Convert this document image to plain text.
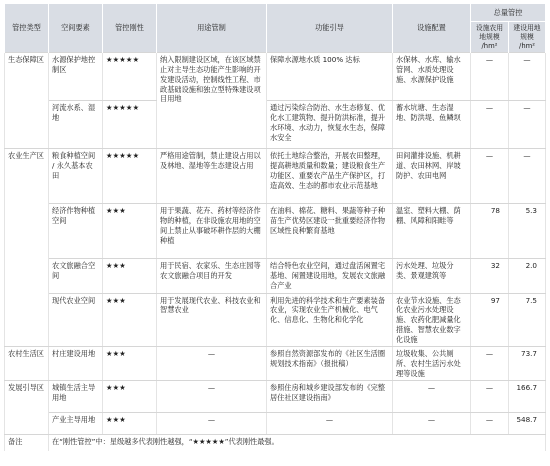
管控类型	空间要素	管控刚性	用途管制	功能引导	设施配置	总量管控	
						设施农用地规模 /hm²	建设用地规模 /hm²
生态保障区	水源保护地控制区	★★★★★	纳入限制建设区域，在该区域禁止对主导生态功能产生影响的开发建设活动，控制线性工程、市政基础设施和独立型特殊建设项目用地	保障水源地水质 100% 达标	水保林、水库、输水管网、水质处理设施、水源保护设施	—	—
	河流水系、湿地	★★★★★		通过污染综合防治、水生态修复、优化水工建筑物、提升防洪标准，提升水环境、水动力，恢复水生态，保障水安全	蓄水坑塘、生态湿地、防洪堤、鱼鳞坝	—	—
农业生产区	粮食种植空间 / 永久基本农田	★★★★★	严格用途管制，禁止建设占用以及林地、湿地等生态建设占用	依托土地综合整治，开展农田整理，提高耕地质量和数量；建设粮食生产功能区、重要农产品生产保护区，打造高效、生态的都市农业示范基地	田间灌排设施、机耕道、农田林网、岸坡防护、农田电网	—	—
	经济作物种植空间	★★★	用于果蔬、花卉、药材等经济作物的种植，在非设施农用地的空间上禁止从事破坏耕作层的大棚种植	在油料、棉花、糖料、果蔬等种子种苗生产优势区建设一批重要经济作物区域性良种繁育基地	温室、塑料大棚、荫棚、风障和阳畦等	78	5.3
	农文旅融合空间	★★★	用于民宿、农家乐、生态庄园等农文旅融合项目的开发	结合特色农业空间，通过盘活闲置宅基地、闲置建设用地，发展农文旅融合产业	污水处理、垃圾分类、景观建筑等	32	2.0
	现代农业空间	★★★	用于发展现代农业、科技农业和智慧农业	利用先进的科学技术和生产要素装备农业，实现农业生产机械化、电气化、信息化、生物化和化学化	农业节水设施、生态化农业污水处理设施、农药化肥减量化措施、智慧农业数字化设施	97	7.5
农村生活区	村庄建设用地	★★★	—	参照自然资源部发布的《社区生活圈规划技术指南》（报批稿）	垃圾收集、公共厕所、农村生活污水处理等设施	—	73.7
发展引导区	城镇生活主导用地	★★★	—	参照住房和城乡建设部发布的《完整居住社区建设指南》	—	—	166.7
	产业主导用地	★★★	—	—	—	—	548.7
备注	在“刚性管控”中：星级越多代表刚性越强，“★★★★★”代表刚性最强。						
